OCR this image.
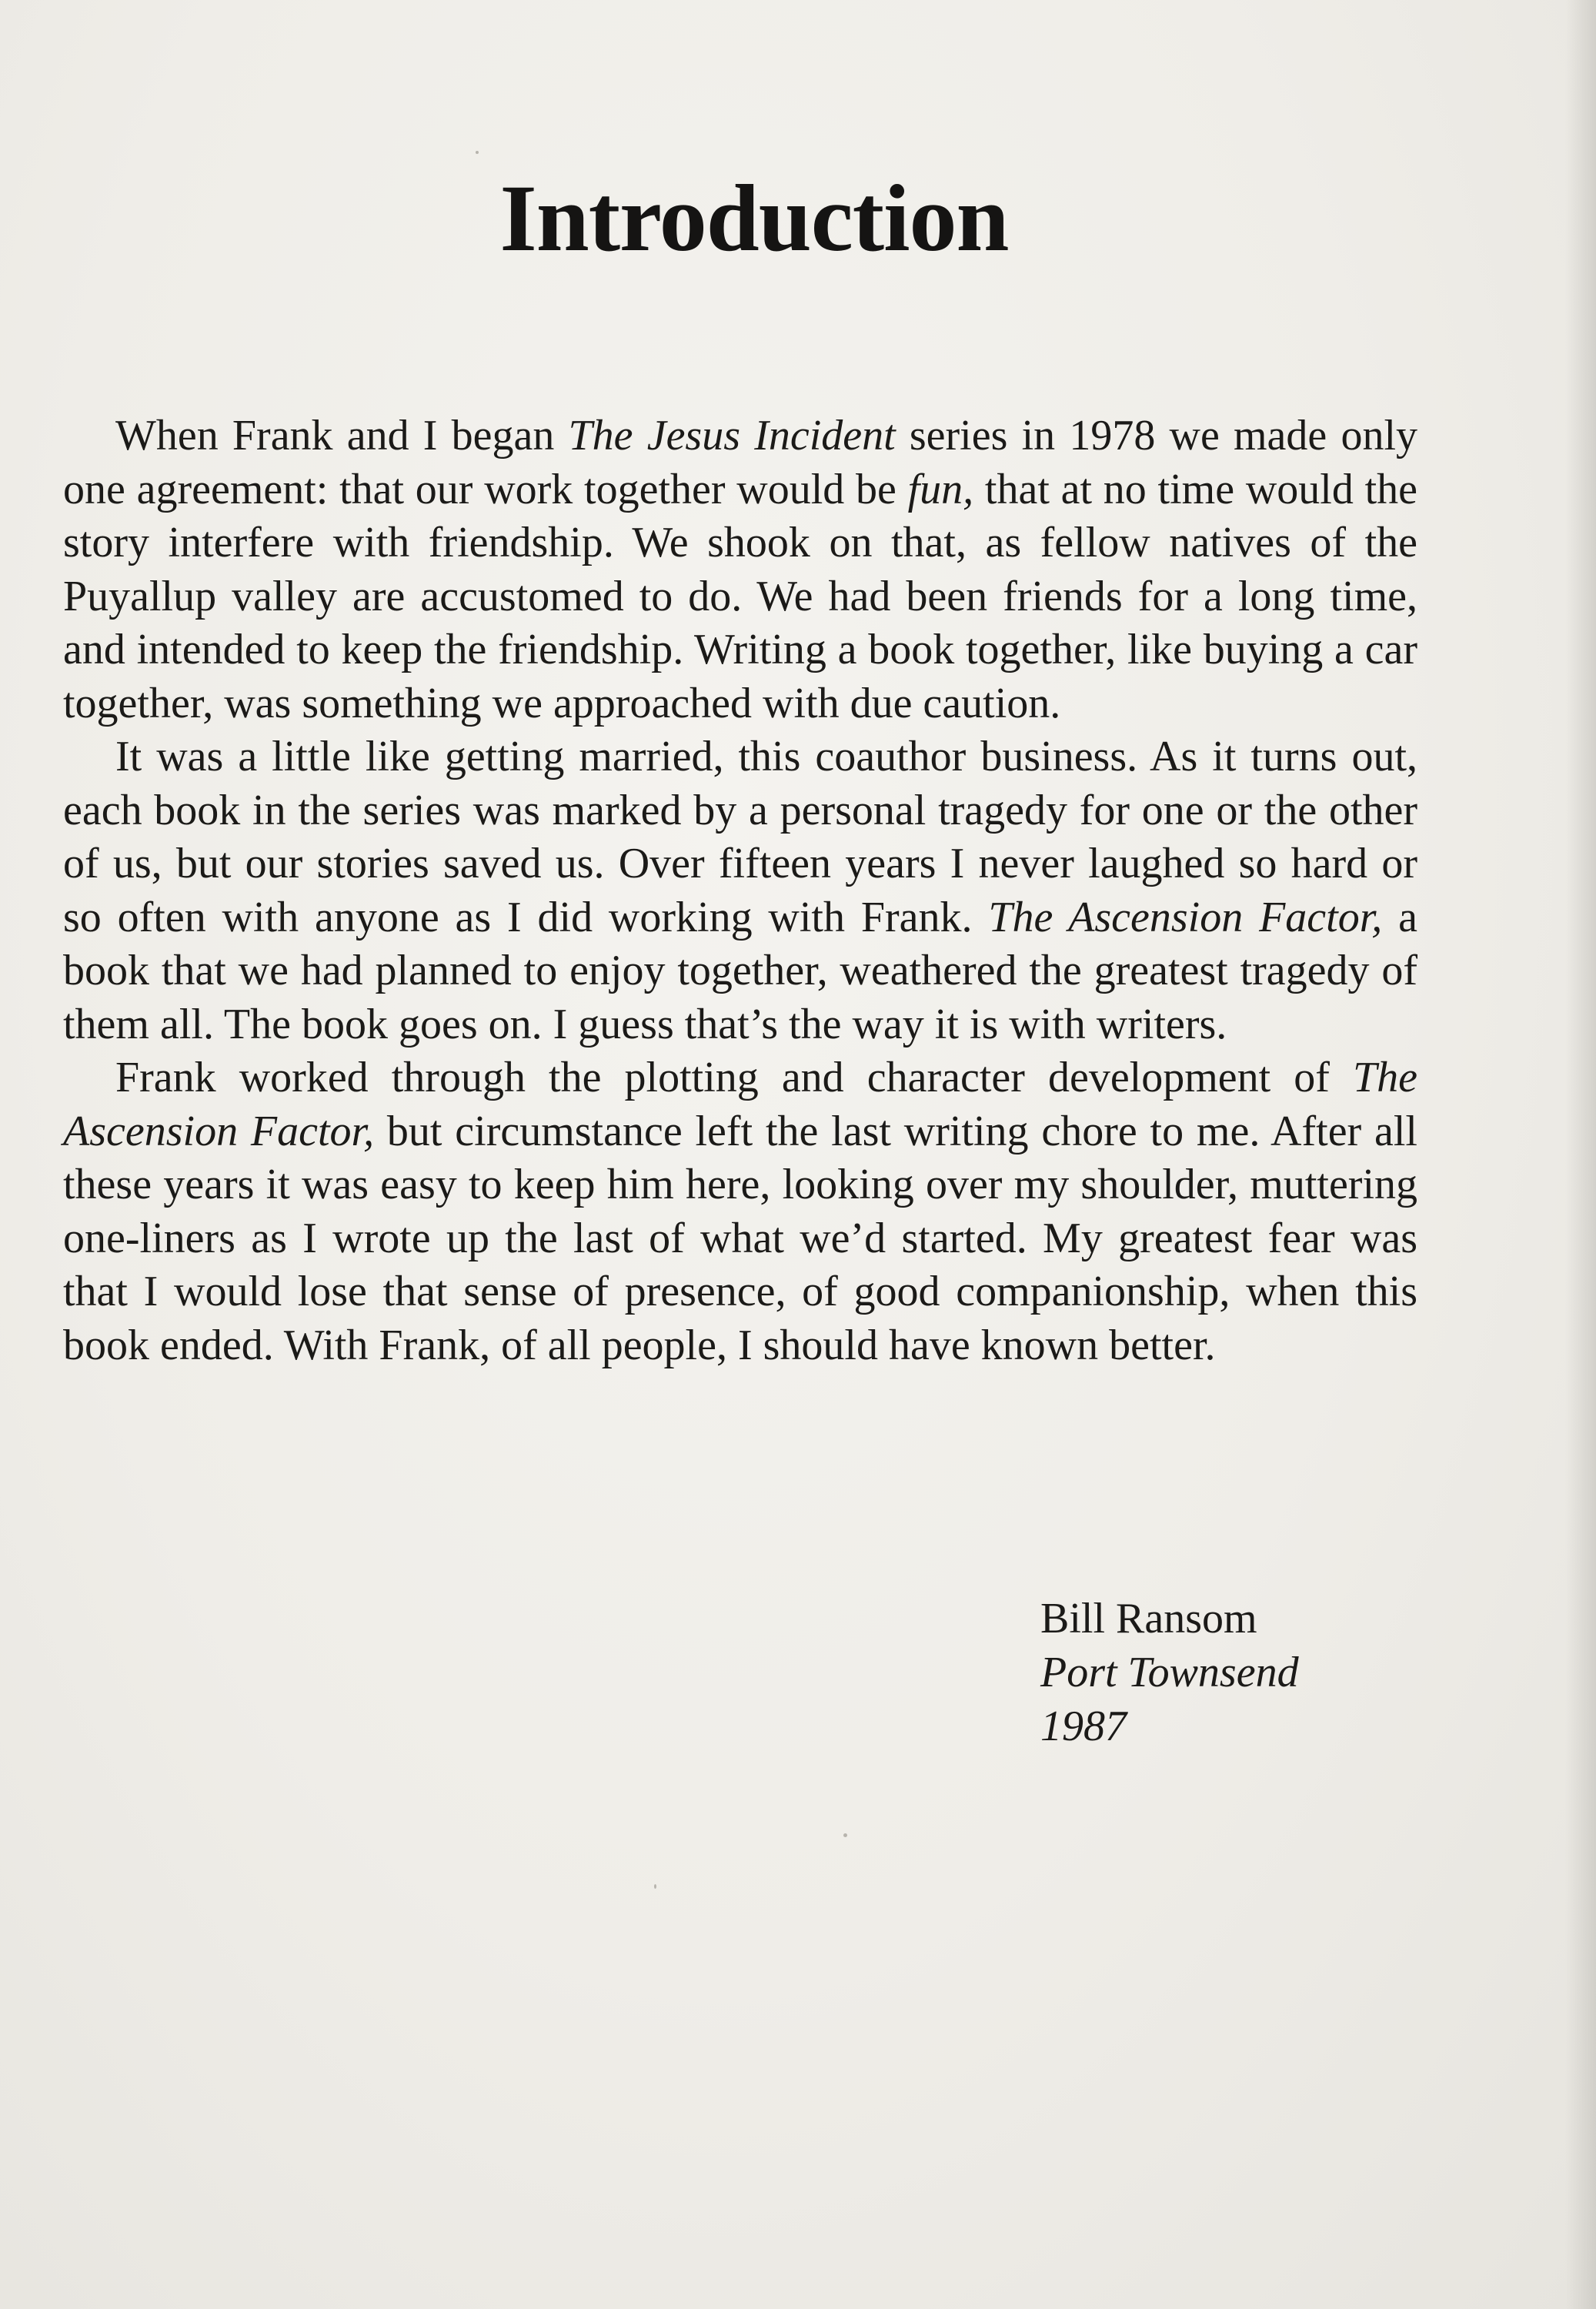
Introduction

When Frank and I began The Jesus Incident series in 1978 we made only one agreement: that our work together would be fun, that at no time would the story interfere with friendship. We shook on that, as fellow natives of the Puyallup valley are accustomed to do. We had been friends for a long time, and intended to keep the friendship. Writing a book together, like buying a car together, was something we approached with due caution.

It was a little like getting married, this coauthor business. As it turns out, each book in the series was marked by a personal tragedy for one or the other of us, but our stories saved us. Over fifteen years I never laughed so hard or so often with anyone as I did working with Frank. The Ascension Factor, a book that we had planned to enjoy together, weathered the greatest tragedy of them all. The book goes on. I guess that’s the way it is with writers.

Frank worked through the plotting and character development of The Ascension Factor, but circumstance left the last writing chore to me. After all these years it was easy to keep him here, looking over my shoulder, muttering one-liners as I wrote up the last of what we’d started. My greatest fear was that I would lose that sense of presence, of good companionship, when this book ended. With Frank, of all people, I should have known better.

Bill Ransom
Port Townsend
1987
